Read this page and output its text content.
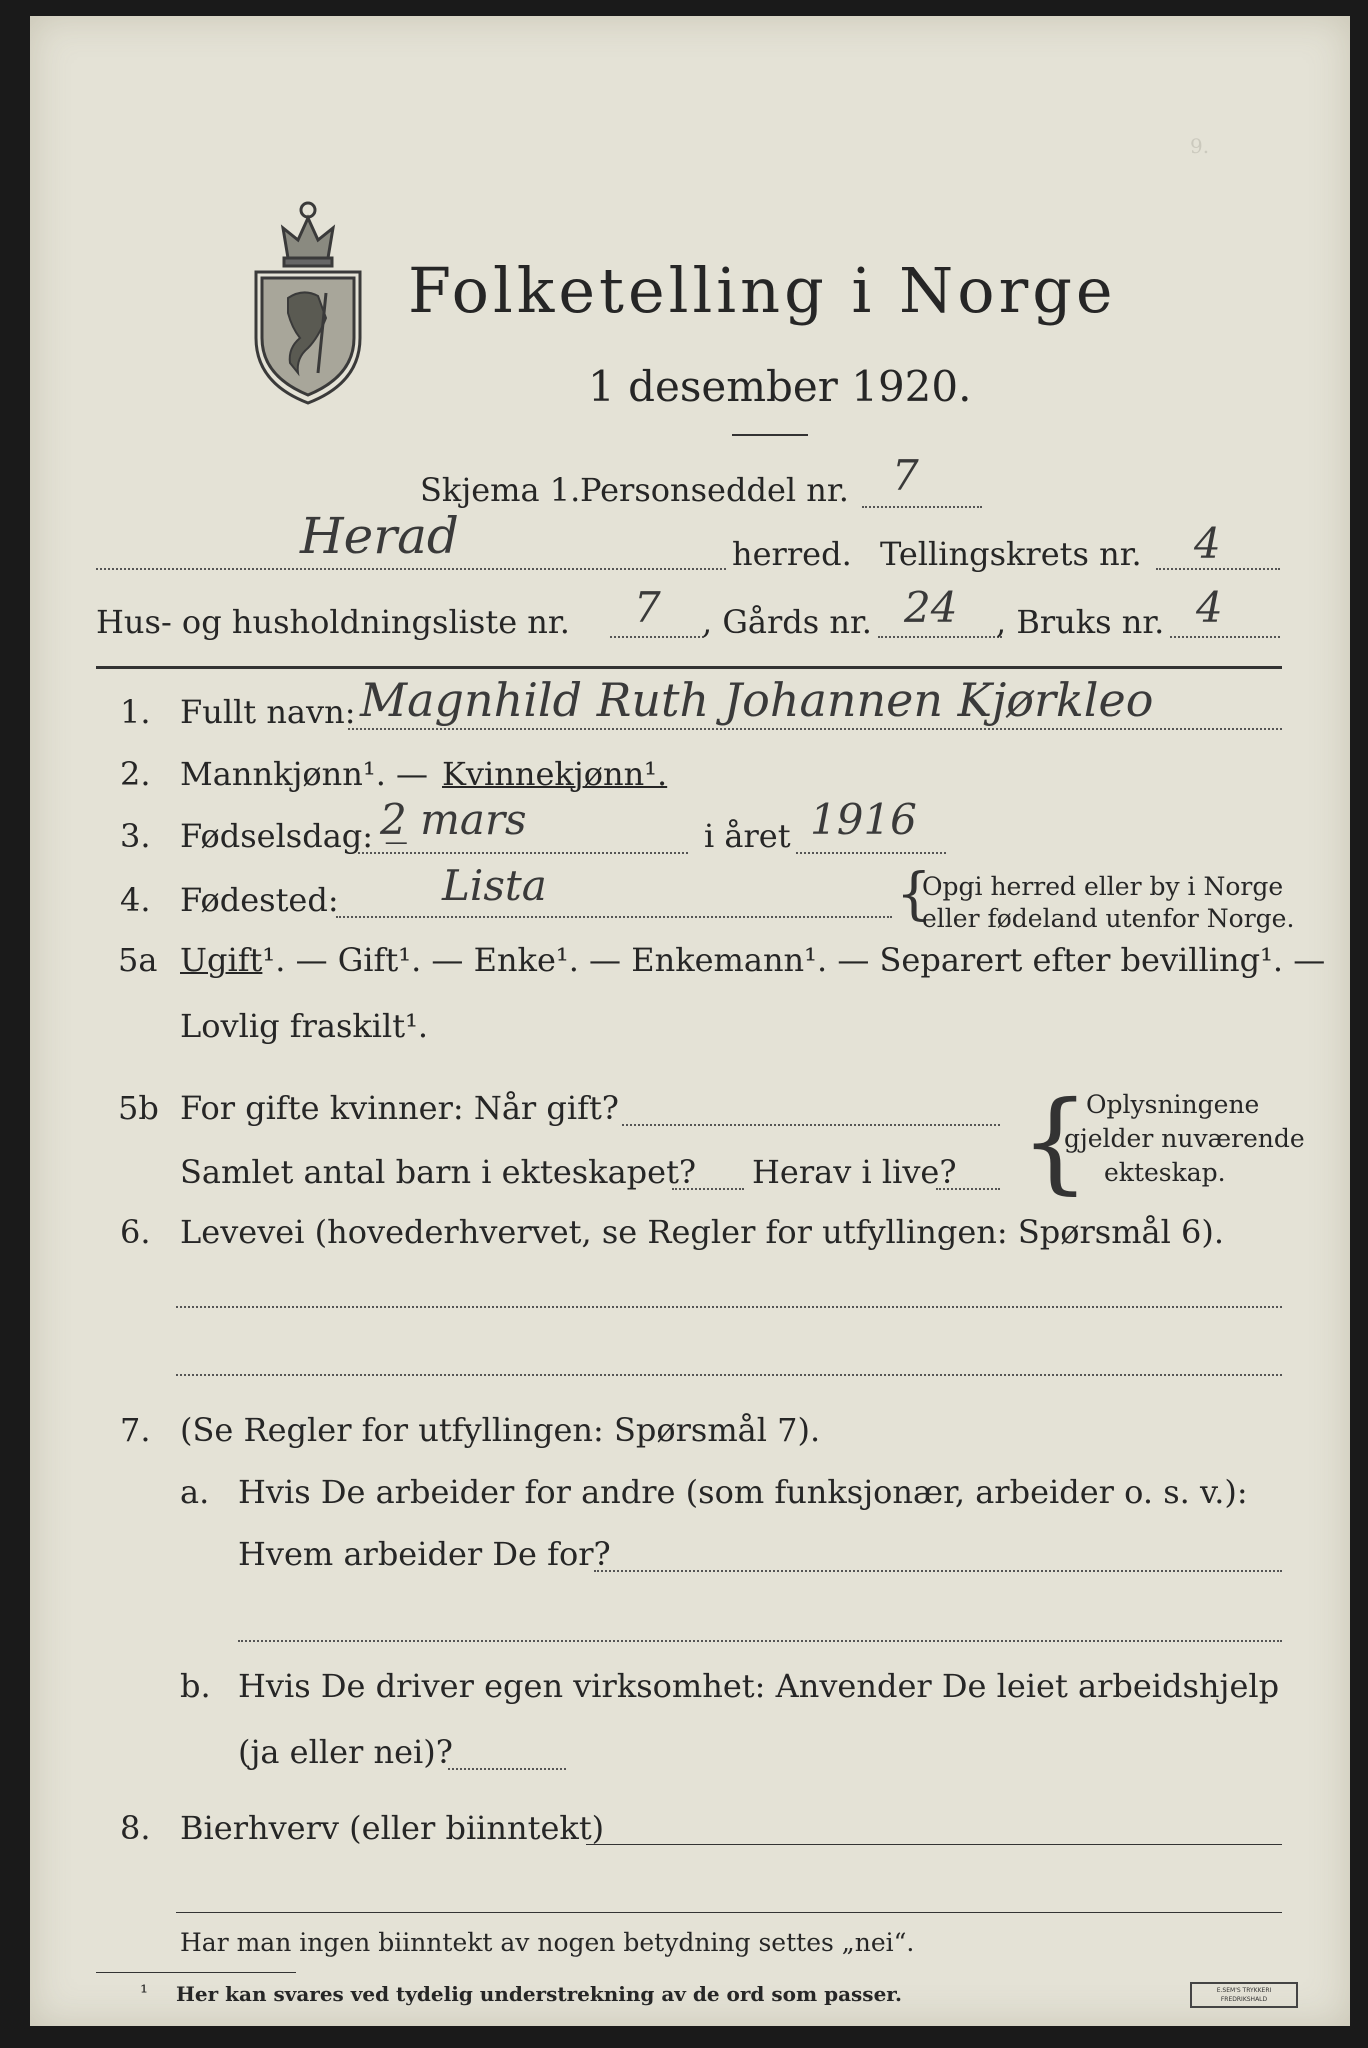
9.
Folketelling i Norge
1 desember 1920.
Skjema 1. Personseddel nr. 7
Herad	herred. Tellingskrets nr. 4
Hus- og husholdningsliste nr. 7 , Gårds nr. 24 , Bruks nr. 4
1. Fullt navn: Magnhild Ruth Johannen Kjørkleo
2. Mannkjønn¹. — Kvinnekjønn¹.
3. Fødselsdag: 2̲ mars	i året 1916
4. Fødested: Lista	{
Opgi herred eller by i Norge
eller fødeland utenfor Norge.
5a Ugift¹. — Gift¹. — Enke¹. — Enkemann¹. — Separert efter bevilling¹. —
Lovlig fraskilt¹.
5b For gifte kvinner: Når gift?
Samlet antal barn i ekteskapet? Herav i live? {
Oplysningene
gjelder nuværende
ekteskap.
6. Levevei (hovederhvervet, se Regler for utfyllingen: Spørsmål 6).
7. (Se Regler for utfyllingen: Spørsmål 7).
a. Hvis De arbeider for andre (som funksjonær, arbeider o. s. v.):
Hvem arbeider De for?
b. Hvis De driver egen virksomhet: Anvender De leiet arbeidshjelp
(ja eller nei)?
8. Bierhverv (eller biinntekt)
Har man ingen biinntekt av nogen betydning settes „nei“.
¹ Her kan svares ved tydelig understrekning av de ord som passer.	E.SEM'S TRYKKERI FREDRIKSHALD
